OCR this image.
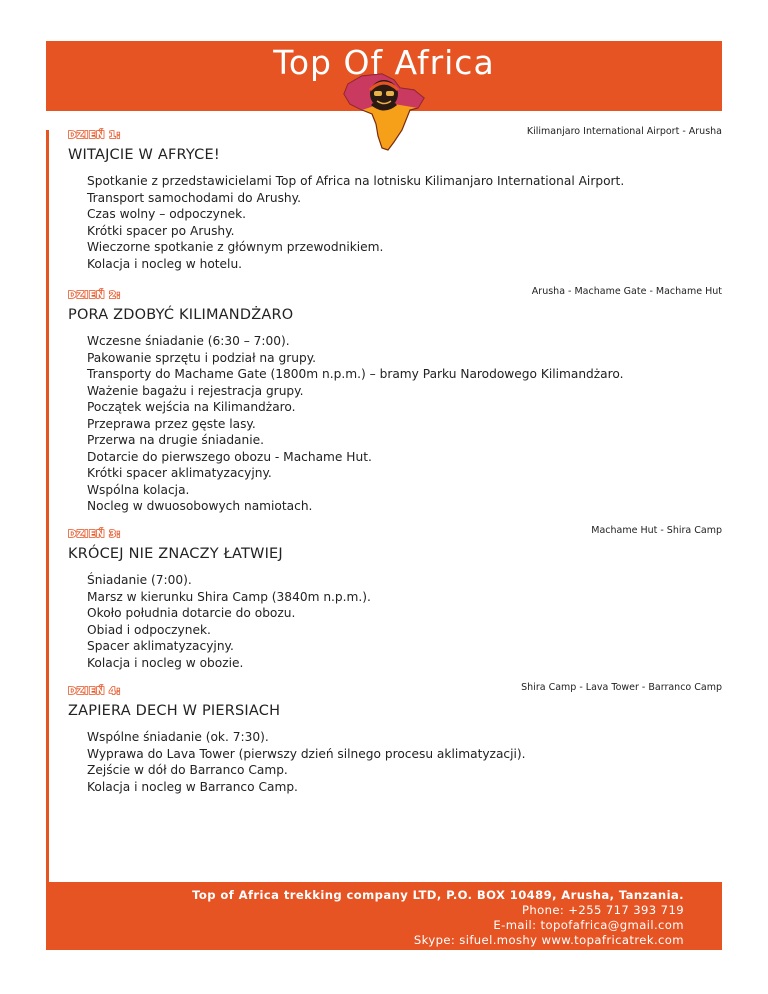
Top Of Africa
DZIEŃ 1:	Kilimanjaro International Airport - Arusha
WITAJCIE W AFRYCE!
Spotkanie z przedstawicielami Top of Africa na lotnisku Kilimanjaro International Airport.
Transport samochodami do Arushy.
Czas wolny – odpoczynek.
Krótki spacer po Arushy.
Wieczorne spotkanie z głównym przewodnikiem.
Kolacja i nocleg w hotelu.
DZIEŃ 2:	Arusha - Machame Gate - Machame Hut
PORA ZDOBYĆ KILIMANDŻARO
Wczesne śniadanie (6:30 – 7:00).
Pakowanie sprzętu i podział na grupy.
Transporty do Machame Gate (1800m n.p.m.) – bramy Parku Narodowego Kilimandżaro.
Ważenie bagażu i rejestracja grupy.
Początek wejścia na Kilimandżaro.
Przeprawa przez gęste lasy.
Przerwa na drugie śniadanie.
Dotarcie do pierwszego obozu - Machame Hut.
Krótki spacer aklimatyzacyjny.
Wspólna kolacja.
Nocleg w dwuosobowych namiotach.
DZIEŃ 3:	Machame Hut - Shira Camp
KRÓCEJ NIE ZNACZY ŁATWIEJ
Śniadanie (7:00).
Marsz w kierunku Shira Camp (3840m n.p.m.).
Około południa dotarcie do obozu.
Obiad i odpoczynek.
Spacer aklimatyzacyjny.
Kolacja i nocleg w obozie.
DZIEŃ 4:	Shira Camp - Lava Tower - Barranco Camp
ZAPIERA DECH W PIERSIACH
Wspólne śniadanie (ok. 7:30).
Wyprawa do Lava Tower (pierwszy dzień silnego procesu aklimatyzacji).
Zejście w dół do Barranco Camp.
Kolacja i nocleg w Barranco Camp.
Top of Africa trekking company LTD, P.O. BOX 10489, Arusha, Tanzania.
Phone: +255 717 393 719
E-mail: topofafrica@gmail.com
Skype: sifuel.moshy www.topafricatrek.com
